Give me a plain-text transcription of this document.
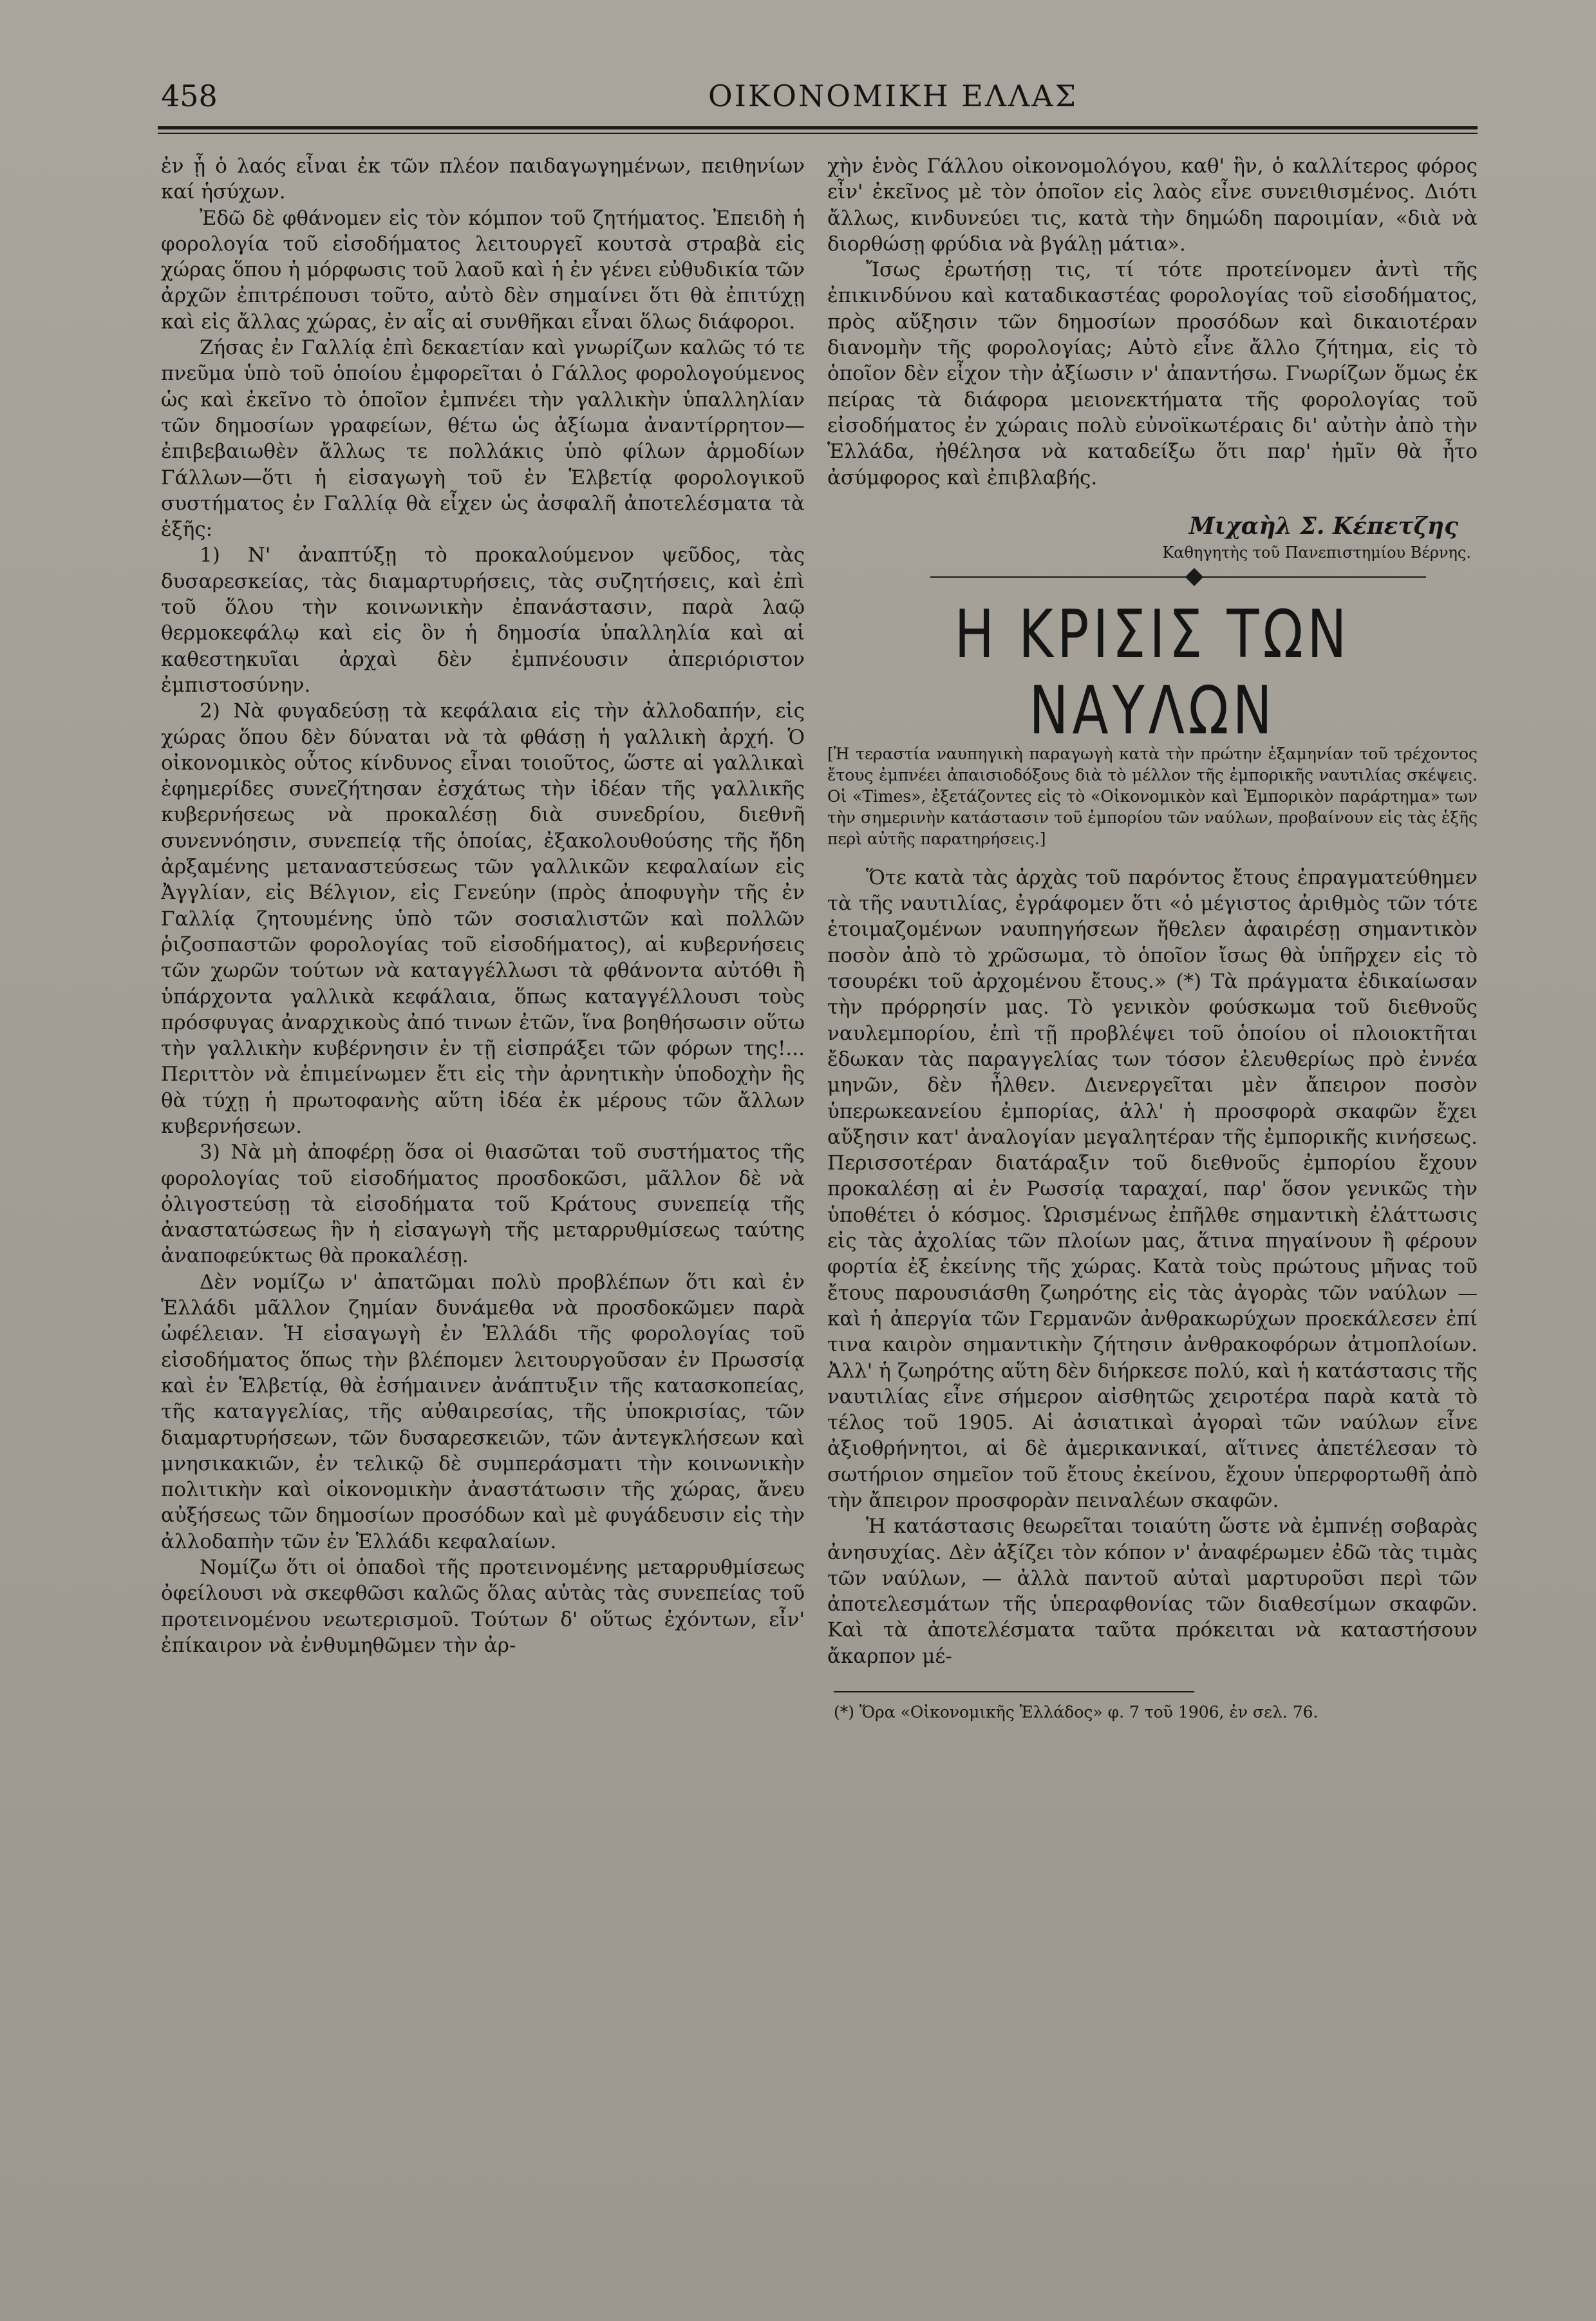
458	ΟΙΚΟΝΟΜΙΚΗ ΕΛΛΑΣ

ἐν ᾗ ὁ λαός εἶναι ἐκ τῶν πλέον παιδαγωγημένων, πειθηνίων καί ἡσύχων.

Ἐδῶ δὲ φθάνομεν εἰς τὸν κόμπον τοῦ ζητήματος. Ἐπειδὴ ἡ φορολογία τοῦ εἰσοδήματος λειτουργεῖ κουτσὰ στραβὰ εἰς χώρας ὅπου ἡ μόρφωσις τοῦ λαοῦ καὶ ἡ ἐν γένει εὐθυδικία τῶν ἀρχῶν ἐπιτρέπουσι τοῦτο, αὐτὸ δὲν σημαίνει ὅτι θὰ ἐπιτύχῃ καὶ εἰς ἄλλας χώρας, ἐν αἷς αἱ συνθῆκαι εἶναι ὅλως διάφοροι.

Ζήσας ἐν Γαλλίᾳ ἐπὶ δεκαετίαν καὶ γνωρίζων καλῶς τό τε πνεῦμα ὑπὸ τοῦ ὁποίου ἐμφορεῖται ὁ Γάλλος φορολογούμενος ὡς καὶ ἐκεῖνο τὸ ὁποῖον ἐμπνέει τὴν γαλλικὴν ὑπαλληλίαν τῶν δημοσίων γραφείων, θέτω ὡς ἀξίωμα ἀναντίρρητον—ἐπιβεβαιωθὲν ἄλλως τε πολλάκις ὑπὸ φίλων ἁρμοδίων Γάλλων—ὅτι ἡ εἰσαγωγὴ τοῦ ἐν Ἑλβετίᾳ φορολογικοῦ συστήματος ἐν Γαλλίᾳ θὰ εἶχεν ὡς ἀσφαλῆ ἀποτελέσματα τὰ ἑξῆς:

1) Ν' ἀναπτύξῃ τὸ προκαλούμενον ψεῦδος, τὰς δυσαρεσκείας, τὰς διαμαρτυρήσεις, τὰς συζητήσεις, καὶ ἐπὶ τοῦ ὅλου τὴν κοινωνικὴν ἐπανάστασιν, παρὰ λαῷ θερμοκεφάλῳ καὶ εἰς ὃν ἡ δημοσία ὑπαλληλία καὶ αἱ καθεστηκυῖαι ἀρχαὶ δὲν ἐμπνέουσιν ἀπεριόριστον ἐμπιστοσύνην.

2) Νὰ φυγαδεύσῃ τὰ κεφάλαια εἰς τὴν ἀλλοδαπήν, εἰς χώρας ὅπου δὲν δύναται νὰ τὰ φθάσῃ ἡ γαλλικὴ ἀρχή. Ὁ οἰκονομικὸς οὗτος κίνδυνος εἶναι τοιοῦτος, ὥστε αἱ γαλλικαὶ ἐφημερίδες συνεζήτησαν ἐσχάτως τὴν ἰδέαν τῆς γαλλικῆς κυβερνήσεως νὰ προκαλέσῃ διὰ συνεδρίου, διεθνῆ συνεννόησιν, συνεπείᾳ τῆς ὁποίας, ἐξακολουθούσης τῆς ἤδη ἀρξαμένης μεταναστεύσεως τῶν γαλλικῶν κεφαλαίων εἰς Ἀγγλίαν, εἰς Βέλγιον, εἰς Γενεύην (πρὸς ἀποφυγὴν τῆς ἐν Γαλλίᾳ ζητουμένης ὑπὸ τῶν σοσιαλιστῶν καὶ πολλῶν ῥιζοσπαστῶν φορολογίας τοῦ εἰσοδήματος), αἱ κυβερνήσεις τῶν χωρῶν τούτων νὰ καταγγέλλωσι τὰ φθάνοντα αὐτόθι ἢ ὑπάρχοντα γαλλικὰ κεφάλαια, ὅπως καταγγέλλουσι τοὺς πρόσφυγας ἀναρχικοὺς ἀπό τινων ἐτῶν, ἵνα βοηθήσωσιν οὕτω τὴν γαλλικὴν κυβέρνησιν ἐν τῇ εἰσπράξει τῶν φόρων της!... Περιττὸν νὰ ἐπιμείνωμεν ἔτι εἰς τὴν ἀρνητικὴν ὑποδοχὴν ἣς θὰ τύχῃ ἡ πρωτοφανὴς αὕτη ἰδέα ἐκ μέρους τῶν ἄλλων κυβερνήσεων.

3) Νὰ μὴ ἀποφέρῃ ὅσα οἱ θιασῶται τοῦ συστήματος τῆς φορολογίας τοῦ εἰσοδήματος προσδοκῶσι, μᾶλλον δὲ νὰ ὀλιγοστεύσῃ τὰ εἰσοδήματα τοῦ Κράτους συνεπείᾳ τῆς ἀναστατώσεως ἣν ἡ εἰσαγωγὴ τῆς μεταρρυθμίσεως ταύτης ἀναποφεύκτως θὰ προκαλέσῃ.

Δὲν νομίζω ν' ἀπατῶμαι πολὺ προβλέπων ὅτι καὶ ἐν Ἑλλάδι μᾶλλον ζημίαν δυνάμεθα νὰ προσδοκῶμεν παρὰ ὠφέλειαν. Ἡ εἰσαγωγὴ ἐν Ἑλλάδι τῆς φορολογίας τοῦ εἰσοδήματος ὅπως τὴν βλέπομεν λειτουργοῦσαν ἐν Πρωσσίᾳ καὶ ἐν Ἑλβετίᾳ, θὰ ἐσήμαινεν ἀνάπτυξιν τῆς κατασκοπείας, τῆς καταγγελίας, τῆς αὐθαιρεσίας, τῆς ὑποκρισίας, τῶν διαμαρτυρήσεων, τῶν δυσαρεσκειῶν, τῶν ἀντεγκλήσεων καὶ μνησικακιῶν, ἐν τελικῷ δὲ συμπεράσματι τὴν κοινωνικὴν πολιτικὴν καὶ οἰκονομικὴν ἀναστάτωσιν τῆς χώρας, ἄνευ αὐξήσεως τῶν δημοσίων προσόδων καὶ μὲ φυγάδευσιν εἰς τὴν ἀλλοδαπὴν τῶν ἐν Ἑλλάδι κεφαλαίων.

Νομίζω ὅτι οἱ ὀπαδοὶ τῆς προτεινομένης μεταρρυθμίσεως ὀφείλουσι νὰ σκεφθῶσι καλῶς ὅλας αὐτὰς τὰς συνεπείας τοῦ προτεινομένου νεωτερισμοῦ. Τούτων δ' οὕτως ἐχόντων, εἶν' ἐπίκαιρον νὰ ἐνθυμηθῶμεν τὴν ἀρ-

χὴν ἑνὸς Γάλλου οἰκονομολόγου, καθ' ἣν, ὁ καλλίτερος φόρος εἶν' ἐκεῖνος μὲ τὸν ὁποῖον εἰς λαὸς εἶνε συνειθισμένος. Διότι ἄλλως, κινδυνεύει τις, κατὰ τὴν δημώδη παροιμίαν, «διὰ νὰ διορθώσῃ φρύδια νὰ βγάλῃ μάτια».

Ἴσως ἐρωτήσῃ τις, τί τότε προτείνομεν ἀντὶ τῆς ἐπικινδύνου καὶ καταδικαστέας φορολογίας τοῦ εἰσοδήματος, πρὸς αὔξησιν τῶν δημοσίων προσόδων καὶ δικαιοτέραν διανομὴν τῆς φορολογίας; Αὐτὸ εἶνε ἄλλο ζήτημα, εἰς τὸ ὁποῖον δὲν εἶχον τὴν ἀξίωσιν ν' ἀπαντήσω. Γνωρίζων ὅμως ἐκ πείρας τὰ διάφορα μειονεκτήματα τῆς φορολογίας τοῦ εἰσοδήματος ἐν χώραις πολὺ εὐνοϊκωτέραις δι' αὐτὴν ἀπὸ τὴν Ἑλλάδα, ἠθέλησα νὰ καταδείξω ὅτι παρ' ἡμῖν θὰ ἦτο ἀσύμφορος καὶ ἐπιβλαβής.

Μιχαὴλ Σ. Κέπετζης
Καθηγητὴς τοῦ Πανεπιστημίου Βέρνης.
Η ΚΡΙΣΙΣ ΤΩΝ ΝΑΥΛΩΝ

[Ἡ τεραστία ναυπηγικὴ παραγωγὴ κατὰ τὴν πρώτην ἑξαμηνίαν τοῦ τρέχοντος ἔτους ἐμπνέει ἀπαισιοδόξους διὰ τὸ μέλλον τῆς ἐμπορικῆς ναυτιλίας σκέψεις. Οἱ «Times», ἐξετάζοντες εἰς τὸ «Οἰκονομικὸν καὶ Ἐμπορικὸν παράρτημα» των τὴν σημερινὴν κατάστασιν τοῦ ἐμπορίου τῶν ναύλων, προβαίνουν εἰς τὰς ἑξῆς περὶ αὐτῆς παρατηρήσεις.]

Ὅτε κατὰ τὰς ἀρχὰς τοῦ παρόντος ἔτους ἐπραγματεύθημεν τὰ τῆς ναυτιλίας, ἐγράφομεν ὅτι «ὁ μέγιστος ἀριθμὸς τῶν τότε ἑτοιμαζομένων ναυπηγήσεων ἤθελεν ἀφαιρέσῃ σημαντικὸν ποσὸν ἀπὸ τὸ χρῶσωμα, τὸ ὁποῖον ἴσως θὰ ὑπῆρχεν εἰς τὸ τσουρέκι τοῦ ἀρχομένου ἔτους.» (*) Τὰ πράγματα ἐδικαίωσαν τὴν πρόρρησίν μας. Τὸ γενικὸν φούσκωμα τοῦ διεθνοῦς ναυλεμπορίου, ἐπὶ τῇ προβλέψει τοῦ ὁποίου οἱ πλοιοκτῆται ἔδωκαν τὰς παραγγελίας των τόσον ἐλευθερίως πρὸ ἐννέα μηνῶν, δὲν ἦλθεν. Διενεργεῖται μὲν ἄπειρον ποσὸν ὑπερωκεανείου ἐμπορίας, ἀλλ' ἡ προσφορὰ σκαφῶν ἔχει αὔξησιν κατ' ἀναλογίαν μεγαλητέραν τῆς ἐμπορικῆς κινήσεως. Περισσοτέραν διατάραξιν τοῦ διεθνοῦς ἐμπορίου ἔχουν προκαλέσῃ αἱ ἐν Ρωσσίᾳ ταραχαί, παρ' ὅσον γενικῶς τὴν ὑποθέτει ὁ κόσμος. Ὡρισμένως ἐπῆλθε σημαντικὴ ἐλάττωσις εἰς τὰς ἀχολίας τῶν πλοίων μας, ἅτινα πηγαίνουν ἢ φέρουν φορτία ἐξ ἐκείνης τῆς χώρας. Κατὰ τοὺς πρώτους μῆνας τοῦ ἔτους παρουσιάσθη ζωηρότης εἰς τὰς ἀγορὰς τῶν ναύλων — καὶ ἡ ἀπεργία τῶν Γερμανῶν ἀνθρακωρύχων προεκάλεσεν ἐπί τινα καιρὸν σημαντικὴν ζήτησιν ἀνθρακοφόρων ἀτμοπλοίων. Ἀλλ' ἡ ζωηρότης αὕτη δὲν διήρκεσε πολύ, καὶ ἡ κατάστασις τῆς ναυτιλίας εἶνε σήμερον αἰσθητῶς χειροτέρα παρὰ κατὰ τὸ τέλος τοῦ 1905. Αἱ ἀσιατικαὶ ἀγοραὶ τῶν ναύλων εἶνε ἀξιοθρήνητοι, αἱ δὲ ἀμερικανικαί, αἵτινες ἀπετέλεσαν τὸ σωτήριον σημεῖον τοῦ ἔτους ἐκείνου, ἔχουν ὑπερφορτωθῆ ἀπὸ τὴν ἄπειρον προσφορὰν πειναλέων σκαφῶν.

Ἡ κατάστασις θεωρεῖται τοιαύτη ὥστε νὰ ἐμπνέῃ σοβαρὰς ἀνησυχίας. Δὲν ἀξίζει τὸν κόπον ν' ἀναφέρωμεν ἐδῶ τὰς τιμὰς τῶν ναύλων, — ἀλλὰ παντοῦ αὐταὶ μαρτυροῦσι περὶ τῶν ἀποτελεσμάτων τῆς ὑπεραφθονίας τῶν διαθεσίμων σκαφῶν. Καὶ τὰ ἀποτελέσματα ταῦτα πρόκειται νὰ καταστήσουν ἄκαρπον μέ-

(*) Ὅρα «Οἰκονομικῆς Ἑλλάδος» φ. 7 τοῦ 1906, ἐν σελ. 76.
